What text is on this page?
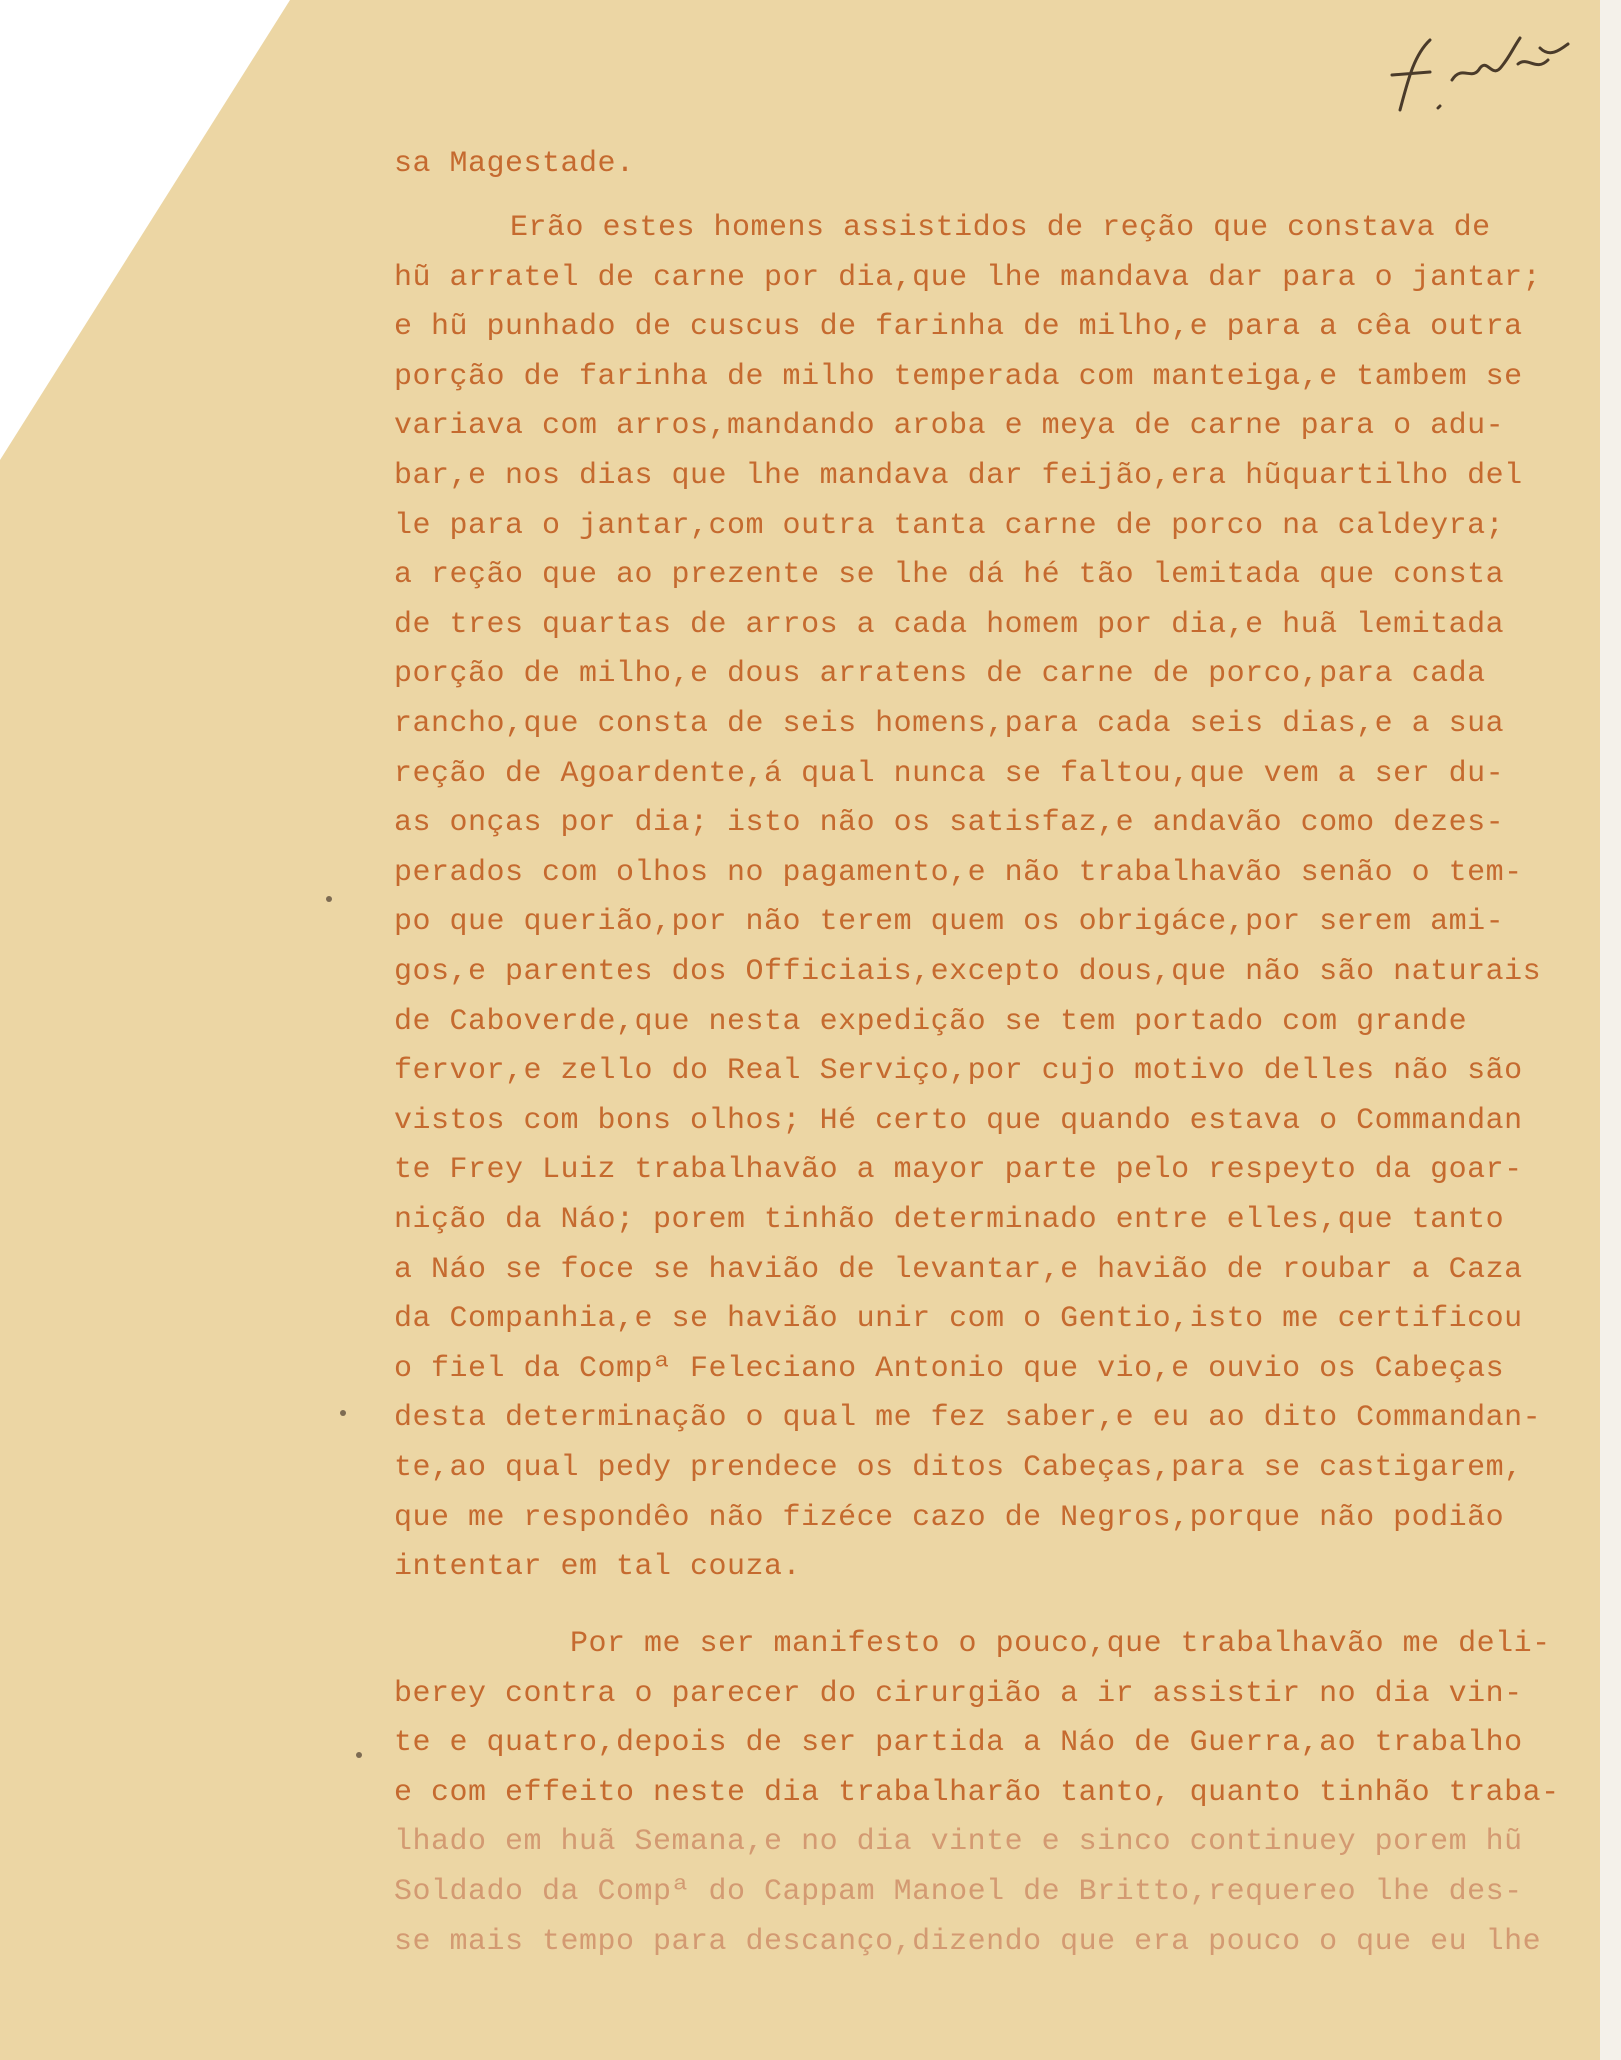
sa Magestade.
Erão estes homens assistidos de reção que constava de
hũ arratel de carne por dia,que lhe mandava dar para o jantar;
e hũ punhado de cuscus de farinha de milho,e para a cêa outra
porção de farinha de milho temperada com manteiga,e tambem se
variava com arros,mandando aroba e meya de carne para o adu-
bar,e nos dias que lhe mandava dar feijão,era hũquartilho del
le para o jantar,com outra tanta carne de porco na caldeyra;
a reção que ao prezente se lhe dá hé tão lemitada que consta
de tres quartas de arros a cada homem por dia,e huã lemitada
porção de milho,e dous arratens de carne de porco,para cada
rancho,que consta de seis homens,para cada seis dias,e a sua
reção de Agoardente,á qual nunca se faltou,que vem a ser du-
as onças por dia; isto não os satisfaz,e andavão como dezes-
perados com olhos no pagamento,e não trabalhavão senão o tem-
po que querião,por não terem quem os obrigáce,por serem ami-
gos,e parentes dos Officiais,excepto dous,que não são naturais
de Caboverde,que nesta expedição se tem portado com grande
fervor,e zello do Real Serviço,por cujo motivo delles não são
vistos com bons olhos; Hé certo que quando estava o Commandan
te Frey Luiz trabalhavão a mayor parte pelo respeyto da goar-
nição da Náo; porem tinhão determinado entre elles,que tanto
a Náo se foce se havião de levantar,e havião de roubar a Caza
da Companhia,e se havião unir com o Gentio,isto me certificou
o fiel da Compª Feleciano Antonio que vio,e ouvio os Cabeças
desta determinação o qual me fez saber,e eu ao dito Commandan-
te,ao qual pedy prendece os ditos Cabeças,para se castigarem,
que me respondêo não fizéce cazo de Negros,porque não podião
intentar em tal couza.
Por me ser manifesto o pouco,que trabalhavão me deli-
berey contra o parecer do cirurgião a ir assistir no dia vin-
te e quatro,depois de ser partida a Náo de Guerra,ao trabalho
e com effeito neste dia trabalharão tanto, quanto tinhão traba-
lhado em huã Semana,e no dia vinte e sinco continuey porem hũ
Soldado da Compª do Cappam Manoel de Britto,requereo lhe des-
se mais tempo para descanço,dizendo que era pouco o que eu lhe
